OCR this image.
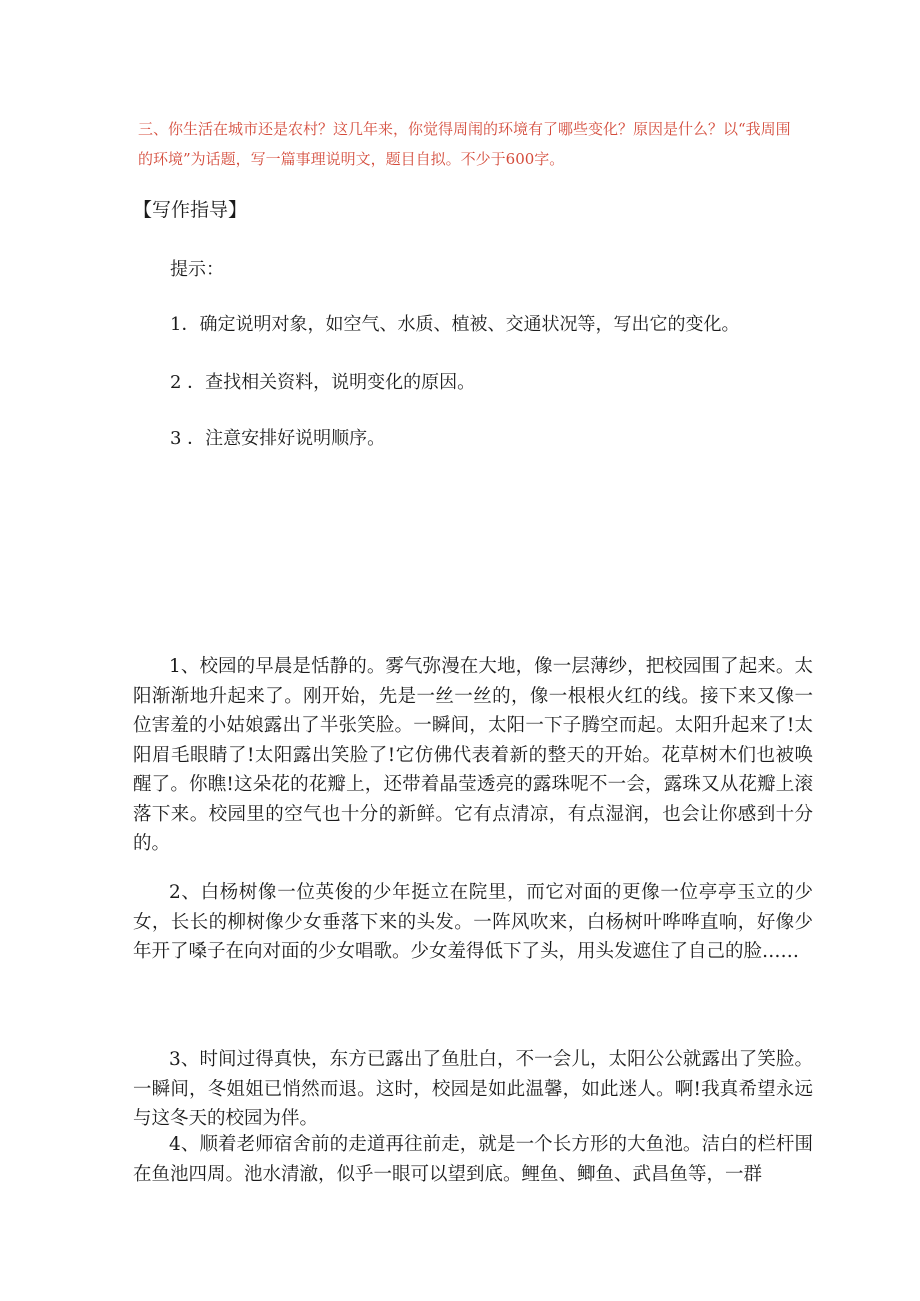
三、你生活在城市还是农村？这几年来，你觉得周闱的环境有了哪些变化？原因是什么？以“我周围的环境”为话题，写一篇事理说明文，题目自拟。不少于600字。
【写作指导】
提示：
1．确定说明对象，如空气、水质、植被、交通状况等，写出它的变化。
2 ．查找相关资料，说明变化的原因。
3 ．注意安排好说明顺序。
1、校园的早晨是恬静的。雾气弥漫在大地，像一层薄纱，把校园围了起来。太阳渐渐地升起来了。刚开始，先是一丝一丝的，像一根根火红的线。接下来又像一位害羞的小姑娘露出了半张笑脸。一瞬间，太阳一下子腾空而起。太阳升起来了!太阳眉毛眼睛了!太阳露出笑脸了!它仿佛代表着新的整天的开始。花草树木们也被唤醒了。你瞧!这朵花的花瓣上，还带着晶莹透亮的露珠呢不一会，露珠又从花瓣上滚落下来。校园里的空气也十分的新鲜。它有点清凉，有点湿润，也会让你感到十分的。
2、白杨树像一位英俊的少年挺立在院里，而它对面的更像一位亭亭玉立的少女，长长的柳树像少女垂落下来的头发。一阵风吹来，白杨树叶哗哗直响，好像少年开了嗓子在向对面的少女唱歌。少女羞得低下了头，用头发遮住了自己的脸……
3、时间过得真快，东方已露出了鱼肚白，不一会儿，太阳公公就露出了笑脸。一瞬间，冬姐姐已悄然而退。这时，校园是如此温馨，如此迷人。啊!我真希望永远与这冬天的校园为伴。
4、顺着老师宿舍前的走道再往前走，就是一个长方形的大鱼池。洁白的栏杆围在鱼池四周。池水清澈，似乎一眼可以望到底。鲤鱼、鲫鱼、武昌鱼等，一群
